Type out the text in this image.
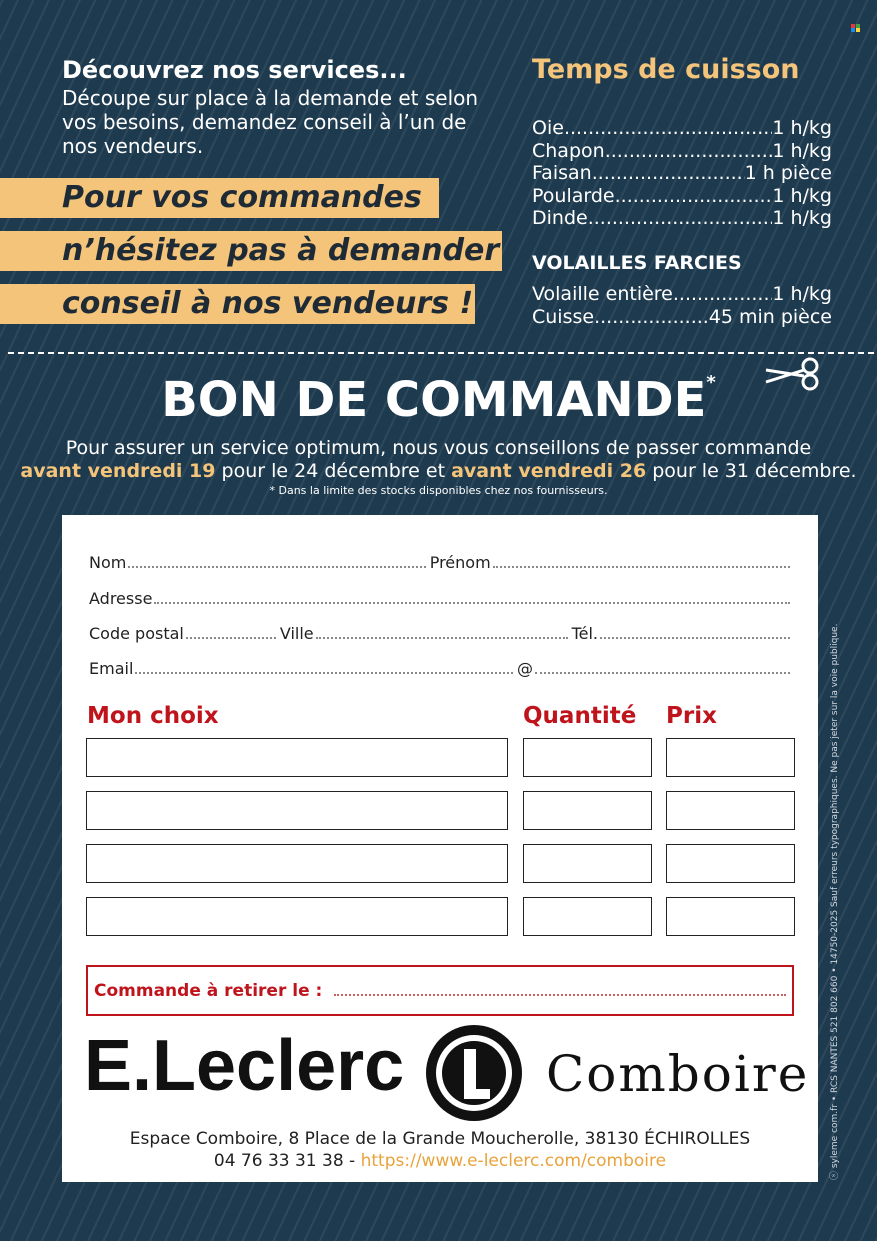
Découvrez nos services...
Découpe sur place à la demande et selon vos besoins, demandez conseil à l’un de nos vendeurs.
Pour vos commandes
n’hésitez pas à demander
conseil à nos vendeurs !
Temps de cuisson
Oie .....	1 h/kg
Chapon .....	1 h/kg
Faisan .....	1 h pièce
Poularde .....	1 h/kg
Dinde .....	1 h/kg
VOLAILLES FARCIES
Volaille entière .....	1 h/kg
Cuisse .....	45 min pièce
BON DE COMMANDE*
Pour assurer un service optimum, nous vous conseillons de passer commande
avant vendredi 19 pour le 24 décembre et avant vendredi 26 pour le 31 décembre.
* Dans la limite des stocks disponibles chez nos fournisseurs.
Nom	Prénom
Adresse
Code postal	Ville	Tél.
Email	@
Mon choix	Quantité Prix
Commande à retirer le :
E.Leclerc	Comboire
Espace Comboire, 8 Place de la Grande Moucherolle, 38130 ÉCHIROLLES
04 76 33 31 38 - https://www.e-leclerc.com/comboire	ⓢ syleme com.fr • RCS NANTES 521 802 660 • 14750-2025 Sauf erreurs typographiques. Ne pas jeter sur la voie publique.
